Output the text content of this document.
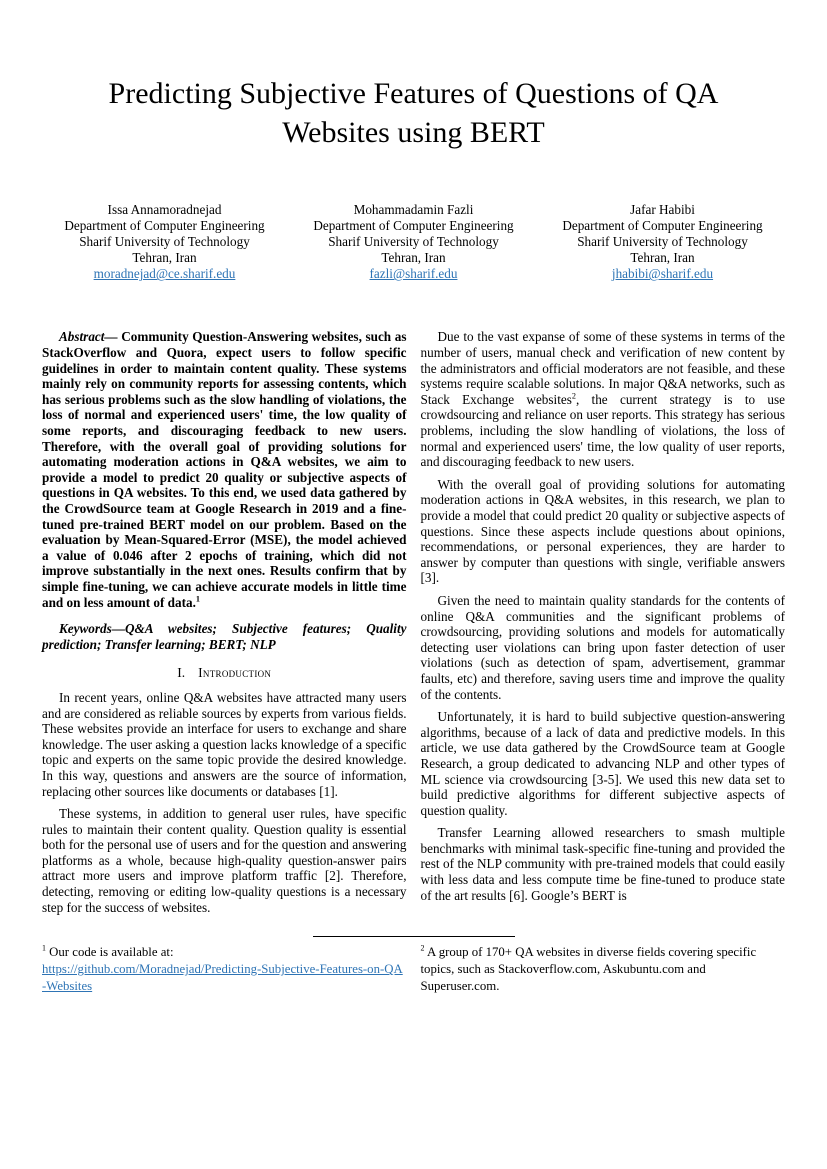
Predicting Subjective Features of Questions of QA
Websites using BERT
Issa Annamoradnejad
Department of Computer Engineering
Sharif University of Technology
Tehran, Iran
moradnejad@ce.sharif.edu
Mohammadamin Fazli
Department of Computer Engineering
Sharif University of Technology
Tehran, Iran
fazli@sharif.edu
Jafar Habibi
Department of Computer Engineering
Sharif University of Technology
Tehran, Iran
jhabibi@sharif.edu

Abstract— Community Question-Answering websites, such as StackOverflow and Quora, expect users to follow specific guidelines in order to maintain content quality. These systems mainly rely on community reports for assessing contents, which has serious problems such as the slow handling of violations, the loss of normal and experienced users' time, the low quality of some reports, and discouraging feedback to new users. Therefore, with the overall goal of providing solutions for automating moderation actions in Q&A websites, we aim to provide a model to predict 20 quality or subjective aspects of questions in QA websites. To this end, we used data gathered by the CrowdSource team at Google Research in 2019 and a fine-tuned pre-trained BERT model on our problem. Based on the evaluation by Mean-Squared-Error (MSE), the model achieved a value of 0.046 after 2 epochs of training, which did not improve substantially in the next ones. Results confirm that by simple fine-tuning, we can achieve accurate models in little time and on less amount of data.$^1$

Keywords—Q&A websites; Subjective features; Quality prediction; Transfer learning; BERT; NLP

I. Introduction

In recent years, online Q&A websites have attracted many users and are considered as reliable sources by experts from various fields. These websites provide an interface for users to exchange and share knowledge. The user asking a question lacks knowledge of a specific topic and experts on the same topic provide the desired knowledge. In this way, questions and answers are the source of information, replacing other sources like documents or databases [1].

These systems, in addition to general user rules, have specific rules to maintain their content quality. Question quality is essential both for the personal use of users and for the question and answering platforms as a whole, because high-quality question-answer pairs attract more users and improve platform traffic [2]. Therefore, detecting, removing or editing low-quality questions is a necessary step for the success of websites.

Due to the vast expanse of some of these systems in terms of the number of users, manual check and verification of new content by the administrators and official moderators are not feasible, and these systems require scalable solutions. In major Q&A networks, such as Stack Exchange websites$^2$, the current strategy is to use crowdsourcing and reliance on user reports. This strategy has serious problems, including the slow handling of violations, the loss of normal and experienced users' time, the low quality of user reports, and discouraging feedback to new users.

With the overall goal of providing solutions for automating moderation actions in Q&A websites, in this research, we plan to provide a model that could predict 20 quality or subjective aspects of questions. Since these aspects include questions about opinions, recommendations, or personal experiences, they are harder to answer by computer than questions with single, verifiable answers [3].

Given the need to maintain quality standards for the contents of online Q&A communities and the significant problems of crowdsourcing, providing solutions and models for automatically detecting user violations can bring upon faster detection of user violations (such as detection of spam, advertisement, grammar faults, etc) and therefore, saving users time and improve the quality of the contents.

Unfortunately, it is hard to build subjective question-answering algorithms, because of a lack of data and predictive models. In this article, we use data gathered by the CrowdSource team at Google Research, a group dedicated to advancing NLP and other types of ML science via crowdsourcing [3-5]. We used this new data set to build predictive algorithms for different subjective aspects of question quality.

Transfer Learning allowed researchers to smash multiple benchmarks with minimal task-specific fine-tuning and provided the rest of the NLP community with pre-trained models that could easily with less data and less compute time be fine-tuned to produce state of the art results [6]. Google’s BERT is

$^1$ Our code is available at:
https://github.com/Moradnejad/Predicting-Subjective-Features-on-QA-Websites
$^2$ A group of 170+ QA websites in diverse fields covering specific topics, such as Stackoverflow.com, Askubuntu.com and Superuser.com.
